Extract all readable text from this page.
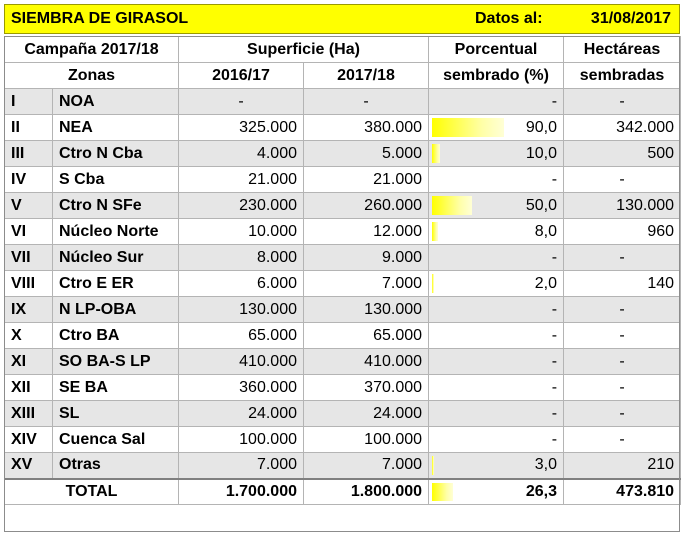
SIEMBRA DE GIRASOL	Datos al:	31/08/2017
Campaña 2017/18		Superficie (Ha)		Porcentual	Hectáreas
Zonas		2016/17	2017/18	sembrado (%)	sembradas
I	NOA	-	-	-	-
II	NEA	325.000	380.000	90,0	342.000
III	Ctro N Cba	4.000	5.000	10,0	500
IV	S Cba	21.000	21.000	-	-
V	Ctro N SFe	230.000	260.000	50,0	130.000
VI	Núcleo Norte	10.000	12.000	8,0	960
VII	Núcleo Sur	8.000	9.000	-	-
VIII	Ctro E ER	6.000	7.000	2,0	140
IX	N LP-OBA	130.000	130.000	-	-
X	Ctro BA	65.000	65.000	-	-
XI	SO BA-S LP	410.000	410.000	-	-
XII	SE BA	360.000	370.000	-	-
XIII	SL	24.000	24.000	-	-
XIV	Cuenca Sal	100.000	100.000	-	-
XV	Otras	7.000	7.000	3,0	210
TOTAL		1.700.000	1.800.000	26,3	473.810
